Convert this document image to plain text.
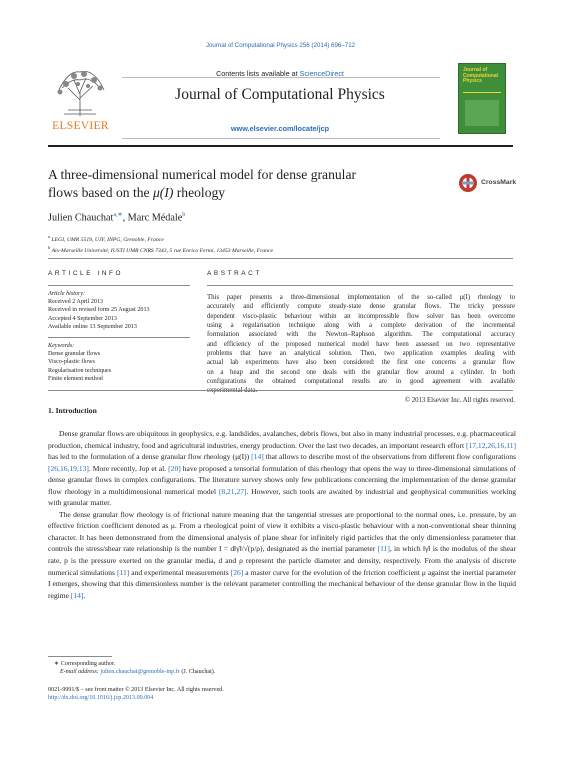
Journal of Computational Physics 256 (2014) 696–712
ELSEVIER
Contents lists available at ScienceDirect
Journal of Computational Physics
www.elsevier.com/locate/jcp
Journal of Computational Physics
A three-dimensional numerical model for dense granular
flows based on the μ(I) rheology
CrossMark
Julien Chauchat$^{a,∗}$, Marc Médale$^b$
$^a$ LEGI, UMR 5519, UJF, INPG, Grenoble, France
$^b$ Aix-Marseille Université, IUSTI UMR CNRS 7343, 5 rue Enrico Fermi, 13453 Marseille, France
ARTICLE INFO
Article history:
Received 2 April 2013
Received in revised form 25 August 2013
Accepted 4 September 2013
Available online 13 September 2013
Keywords:
Dense granular flows
Visco-plastic flows
Regularisation techniques
Finite element method
ABSTRACT
This paper presents a three-dimensional implementation of the so-called μ(I) rheology to
accurately and efficiently compute steady-state dense granular flows. The tricky pressure
dependent visco-plastic behaviour within an incompressible flow solver has been overcome
using a regularisation technique along with a complete derivation of the incremental
formulation associated with the Newton–Raphson algorithm. The computational accuracy
and efficiency of the proposed numerical model have been assessed on two representative
problems that have an analytical solution. Then, two application examples dealing with
actual lab experiments have also been considered: the first one concerns a granular flow
on a heap and the second one deals with the granular flow around a cylinder. In both
configurations the obtained computational results are in good agreement with available
experimental data.
© 2013 Elsevier Inc. All rights reserved.
1. Introduction

Dense granular flows are ubiquitous in geophysics, e.g. landslides, avalanches, debris flows, but also in many industrial processes, e.g. pharmaceutical production, chemical industry, food and agricultural industries, energy production. Over the last two decades, an important research effort [17,12,26,16,11] has led to the formulation of a dense granular flow rheology (μ(I)) [14] that allows to describe most of the observations from different flow configurations [26,16,19,13]. More recently, Jop et al. [20] have proposed a tensorial formulation of this rheology that opens the way to three-dimensional simulations of dense granular flows in complex configurations. The literature survey shows only few publications concerning the implementation of the dense granular flow rheology in a multidimensional numerical model [8,21,27]. However, such tools are awaited by industrial and geophysical communities working with granular matter.

The dense granular flow rheology is of frictional nature meaning that the tangential stresses are proportional to the normal ones, i.e. pressure, by an effective friction coefficient denoted as μ. From a rheological point of view it exhibits a visco-plastic behaviour with a non-conventional shear thinning character. It has been demonstrated from the dimensional analysis of plane shear for infinitely rigid particles that the only dimensionless parameter that controls the stress/shear rate relationship is the number I = d‖γ̇‖/√(p/ρ), designated as the inertial parameter [11], in which ‖γ̇‖ is the modulus of the shear rate, p is the pressure exerted on the granular media, d and ρ represent the particle diameter and density, respectively. From the analysis of discrete numerical simulations [11] and experimental measurements [26] a master curve for the evolution of the friction coefficient μ against the inertial parameter I emerges, showing that this dimensionless number is the relevant parameter controlling the mechanical behaviour of the dense granular flow in the liquid regime [14].

∗ Corresponding author.
E-mail address: julien.chauchat@grenoble-inp.fr (J. Chauchat).
0021-9991/$ – see front matter © 2013 Elsevier Inc. All rights reserved.
http://dx.doi.org/10.1016/j.jcp.2013.09.004
